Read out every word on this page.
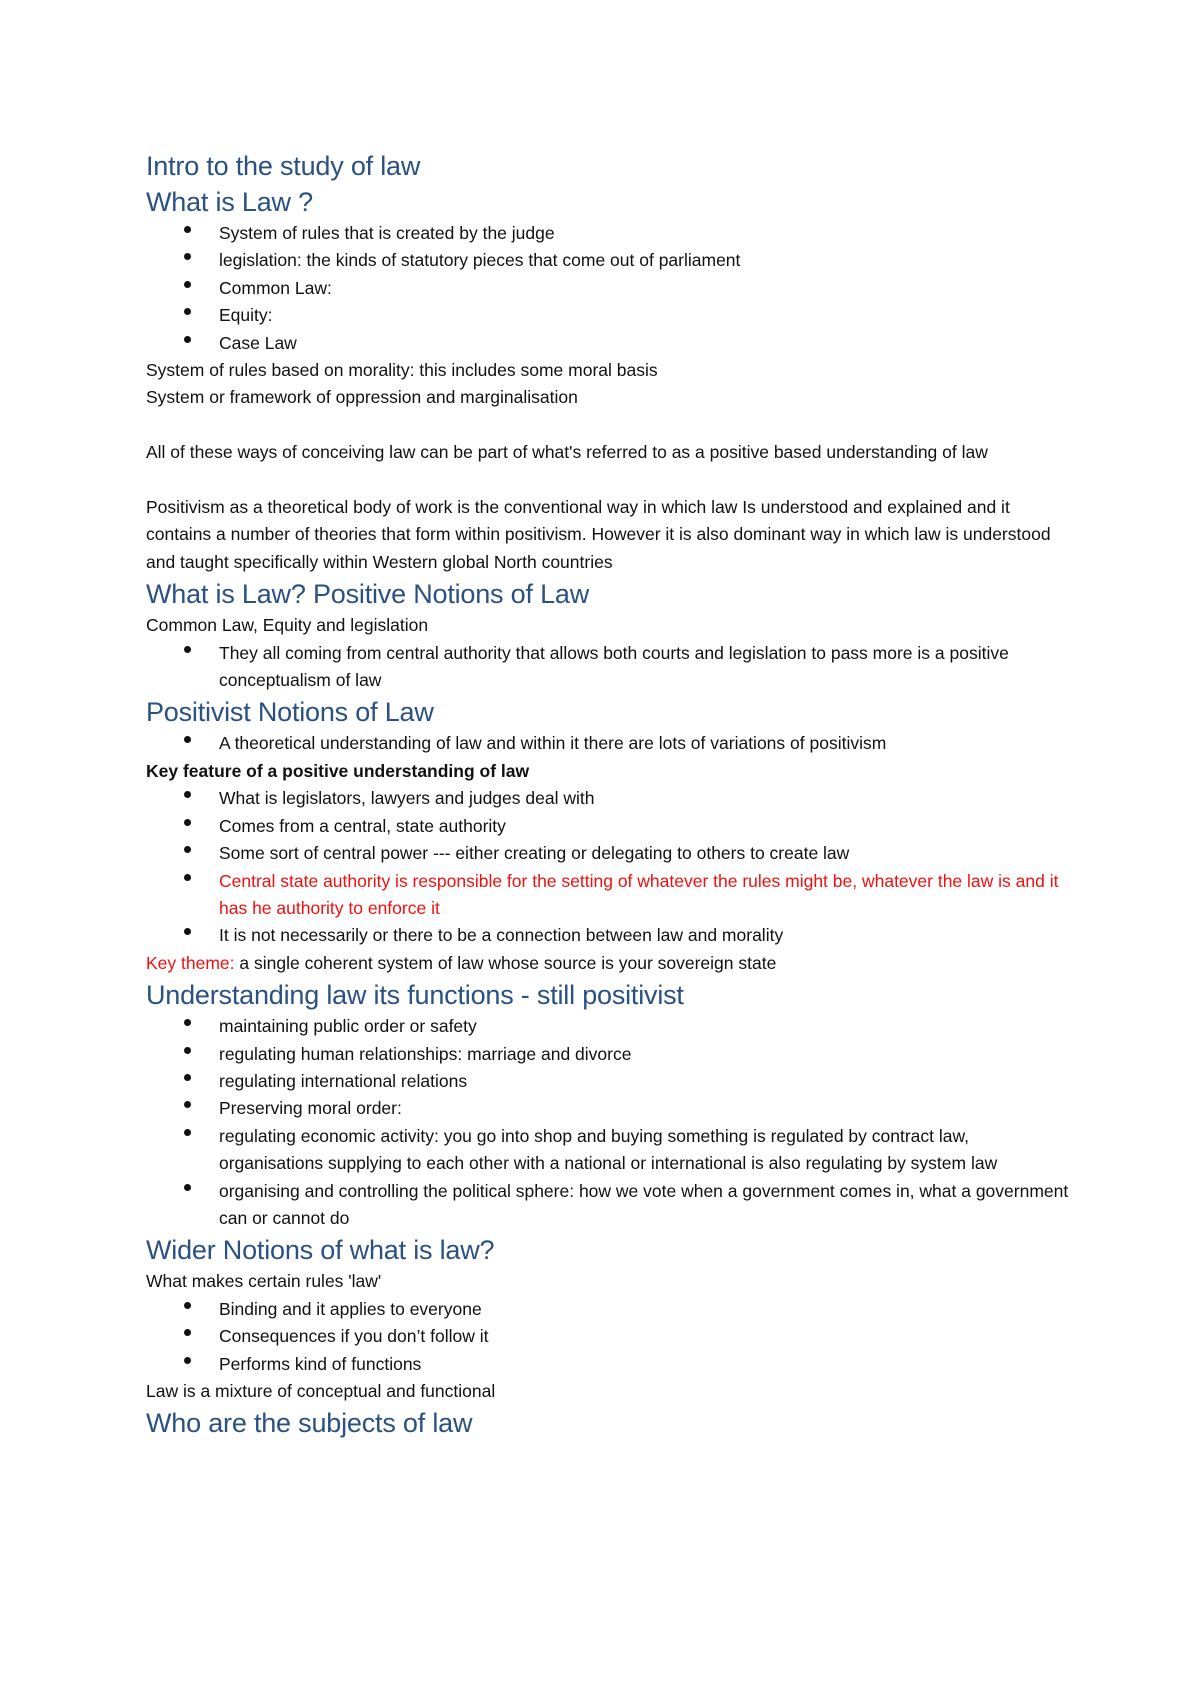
Intro to the study of law
What is Law ?
System of rules that is created by the judge
legislation: the kinds of statutory pieces that come out of parliament
Common Law:
Equity:
Case Law

System of rules based on morality: this includes some moral basis

System or framework of oppression and marginalisation

All of these ways of conceiving law can be part of what's referred to as a positive based understanding of law

Positivism as a theoretical body of work is the conventional way in which law Is understood and explained and it contains a number of theories that form within positivism. However it is also dominant way in which law is understood and taught specifically within Western global North countries

What is Law? Positive Notions of Law

Common Law, Equity and legislation

They all coming from central authority that allows both courts and legislation to pass more is a positive conceptualism of law
Positivist Notions of Law
A theoretical understanding of law and within it there are lots of variations of positivism

Key feature of a positive understanding of law

What is legislators, lawyers and judges deal with
Comes from a central, state authority
Some sort of central power --- either creating or delegating to others to create law
Central state authority is responsible for the setting of whatever the rules might be, whatever the law is and it has he authority to enforce it
It is not necessarily or there to be a connection between law and morality

Key theme: a single coherent system of law whose source is your sovereign state

Understanding law its functions - still positivist
maintaining public order or safety
regulating human relationships: marriage and divorce
regulating international relations
Preserving moral order:
regulating economic activity: you go into shop and buying something is regulated by contract law, organisations supplying to each other with a national or international is also regulating by system law
organising and controlling the political sphere: how we vote when a government comes in, what a government can or cannot do
Wider Notions of what is law?

What makes certain rules 'law'

Binding and it applies to everyone
Consequences if you don’t follow it
Performs kind of functions

Law is a mixture of conceptual and functional

Who are the subjects of law
